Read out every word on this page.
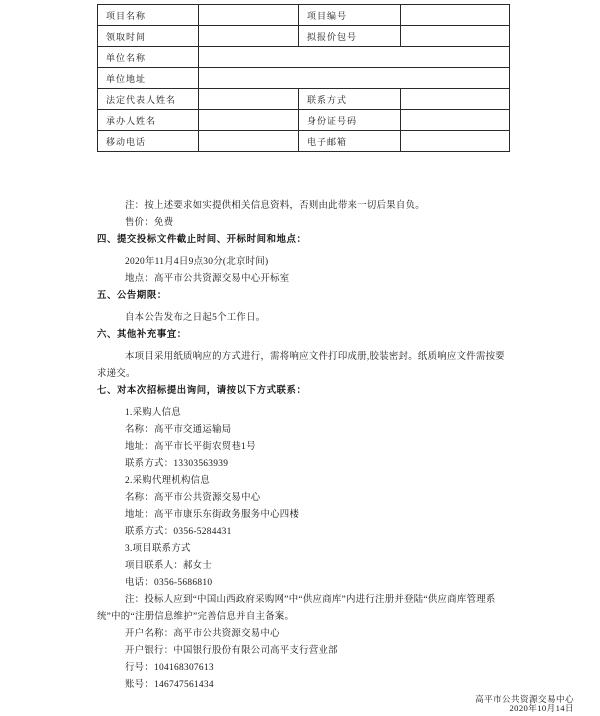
项目名称		项目编号	
领取时间		拟报价包号	
单位名称			
单位地址			
法定代表人姓名		联系方式	
承办人姓名		身份证号码	
移动电话		电子邮箱	

注：按上述要求如实提供相关信息资料，否则由此带来一切后果自负。

售价：免费

四、提交投标文件截止时间、开标时间和地点：

2020年11月4日9点30分(北京时间)

地点：高平市公共资源交易中心开标室

五、公告期限：

自本公告发布之日起5个工作日。

六、其他补充事宜：

本项目采用纸质响应的方式进行，需将响应文件打印成册,胶装密封。纸质响应文件需按要求递交。

七、对本次招标提出询问，请按以下方式联系：

1.采购人信息

名称：高平市交通运输局

地址：高平市长平街农贸巷1号

联系方式：13303563939

2.采购代理机构信息

名称：高平市公共资源交易中心

地址：高平市康乐东街政务服务中心四楼

联系方式：0356-5284431

3.项目联系方式

项目联系人：郝女士

电话：0356-5686810

注：投标人应到“中国山西政府采购网”中“供应商库”内进行注册并登陆“供应商库管理系统”中的“注册信息维护”完善信息并自主备案。

开户名称：高平市公共资源交易中心

开户银行：中国银行股份有限公司高平支行营业部

行号：104168307613

账号：146747561434

高平市公共资源交易中心
2020年10月14日
